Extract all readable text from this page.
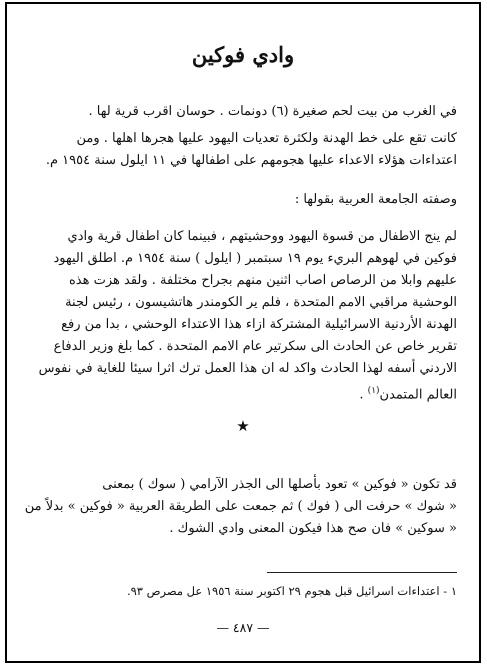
وادي فوكين

في الغرب من بيت لحم صغيرة (٦) دونمات . حوسان اقرب قرية لها .

كانت تقع على خط الهدنة ولكثرة تعديات اليهود عليها هجرها اهلها . ومن
اعتداءات هؤلاء الاعداء عليها هجومهم على اطفالها في ١١ ايلول سنة ١٩٥٤ م.

وصفته الجامعة العربية بقولها :

لم ينج الاطفال من قسوة اليهود ووحشيتهم ، فبينما كان اطفال قرية وادي
فوكين في لهوهم البريء يوم ١٩ سبتمبر ( ايلول ) سنة ١٩٥٤ م. اطلق اليهود
عليهم وابلا من الرصاص اصاب اثنين منهم بجراح مختلفة . ولقد هزت هذه
الوحشية مراقبي الامم المتحدة ، فلم ير الكومندر هاتشيسون ، رئيس لجنة
الهدنة الأردنية الاسرائيلية المشتركة ازاء هذا الاعتداء الوحشي ، بدا من رفع
تقرير خاص عن الحادث الى سكرتير عام الامم المتحدة . كما بلغ وزير الدفاع
الاردني أسفه لهذا الحادث واكد له ان هذا العمل ترك اثرا سيئا للغاية في نفوس
العالم المتمدن$^{(١)}$ .

★

قد تكون « فوكين » تعود بأصلها الى الجذر الآرامي ( سوك ) بمعنى
« شوك » حرفت الى ( فوك ) ثم جمعت على الطريقة العربية « فوكين » بدلاً من
« سوكين » فان صح هذا فيكون المعنى وادي الشوك .

١ - اعتداءات اسرائيل قبل هجوم ٢٩ اكتوبر سنة ١٩٥٦ عل مصرص ٩٣.

— ٤٨٧ —
